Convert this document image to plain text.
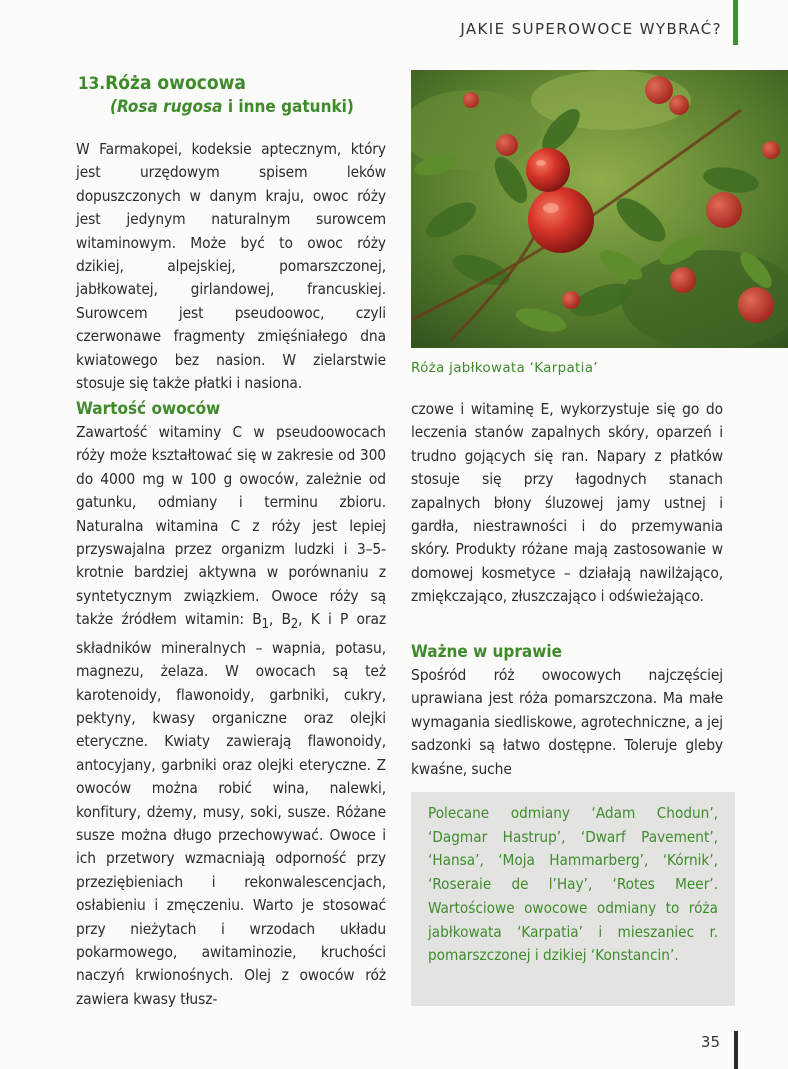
JAKIE SUPEROWOCE WYBRAĆ?
13.Róża owocowa
(Rosa rugosa i inne gatunki)

W Farmakopei, kodeksie aptecznym, który jest urzędowym spisem leków dopuszczonych w danym kraju, owoc róży jest jedynym naturalnym surowcem witaminowym. Może być to owoc róży dzikiej, alpejskiej, pomarszczonej, jabłkowatej, girlandowej, francuskiej. Surowcem jest pseudoowoc, czyli czerwonawe fragmenty zmięśniałego dna kwiatowego bez nasion. W zielarstwie stosuje się także płatki i nasiona.

Wartość owoców

Zawartość witaminy C w pseudoowocach róży może kształtować się w zakresie od 300 do 4000 mg w 100 g owoców, zależnie od gatunku, odmiany i terminu zbioru. Naturalna witamina C z róży jest lepiej przyswajalna przez organizm ludzki i 3–5-krotnie bardziej aktywna w porównaniu z syntetycznym związkiem. Owoce róży są także źródłem witamin: $B_1$, $B_2$, K i P oraz składników mineralnych – wapnia, potasu, magnezu, żelaza. W owocach są też karotenoidy, flawonoidy, garbniki, cukry, pektyny, kwasy organiczne oraz olejki eteryczne. Kwiaty zawierają flawonoidy, antocyjany, garbniki oraz olejki eteryczne. Z owoców można robić wina, nalewki, konfitury, dżemy, musy, soki, susze. Różane susze można długo przechowywać. Owoce i ich przetwory wzmacniają odporność przy przeziębieniach i rekonwalescencjach, osłabieniu i zmęczeniu. Warto je stosować przy nieżytach i wrzodach układu pokarmowego, awitaminozie, kruchości naczyń krwionośnych. Olej z owoców róż zawiera kwasy tłusz-

Róża jabłkowata ‘Karpatia’

czowe i witaminę E, wykorzystuje się go do leczenia stanów zapalnych skóry, oparzeń i trudno gojących się ran. Napary z płatków stosuje się przy łagodnych stanach zapalnych błony śluzowej jamy ustnej i gardła, niestrawności i do przemywania skóry. Produkty różane mają zastosowanie w domowej kosmetyce – działają nawilżająco, zmiękczająco, złuszczająco i odświeżająco.

Ważne w uprawie

Spośród róż owocowych najczęściej uprawiana jest róża pomarszczona. Ma małe wymagania siedliskowe, agrotechniczne, a jej sadzonki są łatwo dostępne. Toleruje gleby kwaśne, suche

Polecane odmiany ‘Adam Chodun’, ‘Dagmar Hastrup’, ‘Dwarf Pavement’, ‘Hansa’, ‘Moja Hammarberg’, ‘Kórnik’, ‘Roseraie de l’Hay’, ‘Rotes Meer’. Wartościowe owocowe odmiany to róża jabłkowata ‘Karpatia’ i mieszaniec r. pomarszczonej i dzikiej ‘Konstancin’.

35
